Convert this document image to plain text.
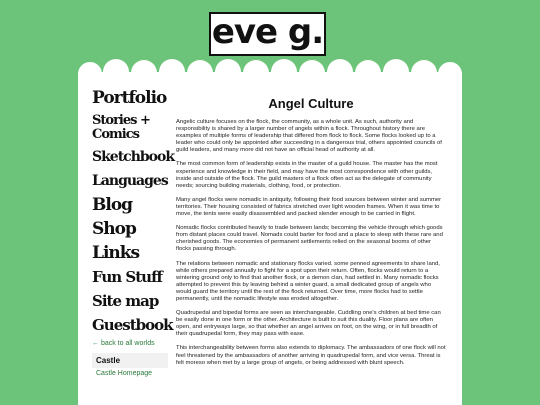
eve g.
Portfolio
Stories + Comics
Sketchbook
Languages
Blog
Shop
Links
Fun Stuff
Site map
Guestbook
← back to all worlds
Castle
Castle Homepage
Angel Culture

Angelic culture focuses on the flock, the community, as a whole unit. As such, authority and responsibility is shared by a larger number of angels within a flock. Throughout history there are examples of multiple forms of leadership that differed from flock to flock. Some flocks looked up to a leader who could only be appointed after succeeding in a dangerous trial, others appointed councils of guild leaders, and many more did not have an official head of authority at all.

The most common form of leadership exists in the master of a guild house. The master has the most experience and knowledge in their field, and may have the most correspondence with other guilds, inside and outside of the flock. The guild masters of a flock often act as the delegate of community needs; sourcing building materials, clothing, food, or protection.

Many angel flocks were nomadic in antiquity, following their food sources between winter and summer territories. Their housing consisted of fabrics stretched over light wooden frames. When it was time to move, the tents were easily disassembled and packed slender enough to be carried in flight.

Nomadic flocks contributed heavily to trade between lands; becoming the vehicle through which goods from distant places could travel. Nomads could barter for food and a place to sleep with these rare and cherished goods. The economies of permanent settlements relied on the seasonal booms of other flocks passing through.

The relations between nomadic and stationary flocks varied. some penned agreements to share land, while others prepared annually to fight for a spot upon their return. Often, flocks would return to a wintering ground only to find that another flock, or a demon clan, had settled in. Many nomadic flocks attempted to prevent this by leaving behind a winter guard, a small dedicated group of angels who would guard the territory until the rest of the flock returned. Over time, more flocks had to settle permanently, until the nomadic lifestyle was eroded altogether.

Quadrupedal and bipedal forms are seen as interchangeable. Cuddling one's children at bed time can be easily done in one form or the other. Architecture is built to suit this duality. Floor plans are often open, and entryways large, so that whether an angel arrives on foot, on the wing, or in full breadth of their quadrupedal form, they may pass with ease.

This interchangeability between forms also extends to diplomacy. The ambassadors of one flock will not feel threatened by the ambassadors of another arriving in quadrupedal form, and vice versa. Threat is felt moreso when met by a large group of angels, or being addressed with blunt speech.
